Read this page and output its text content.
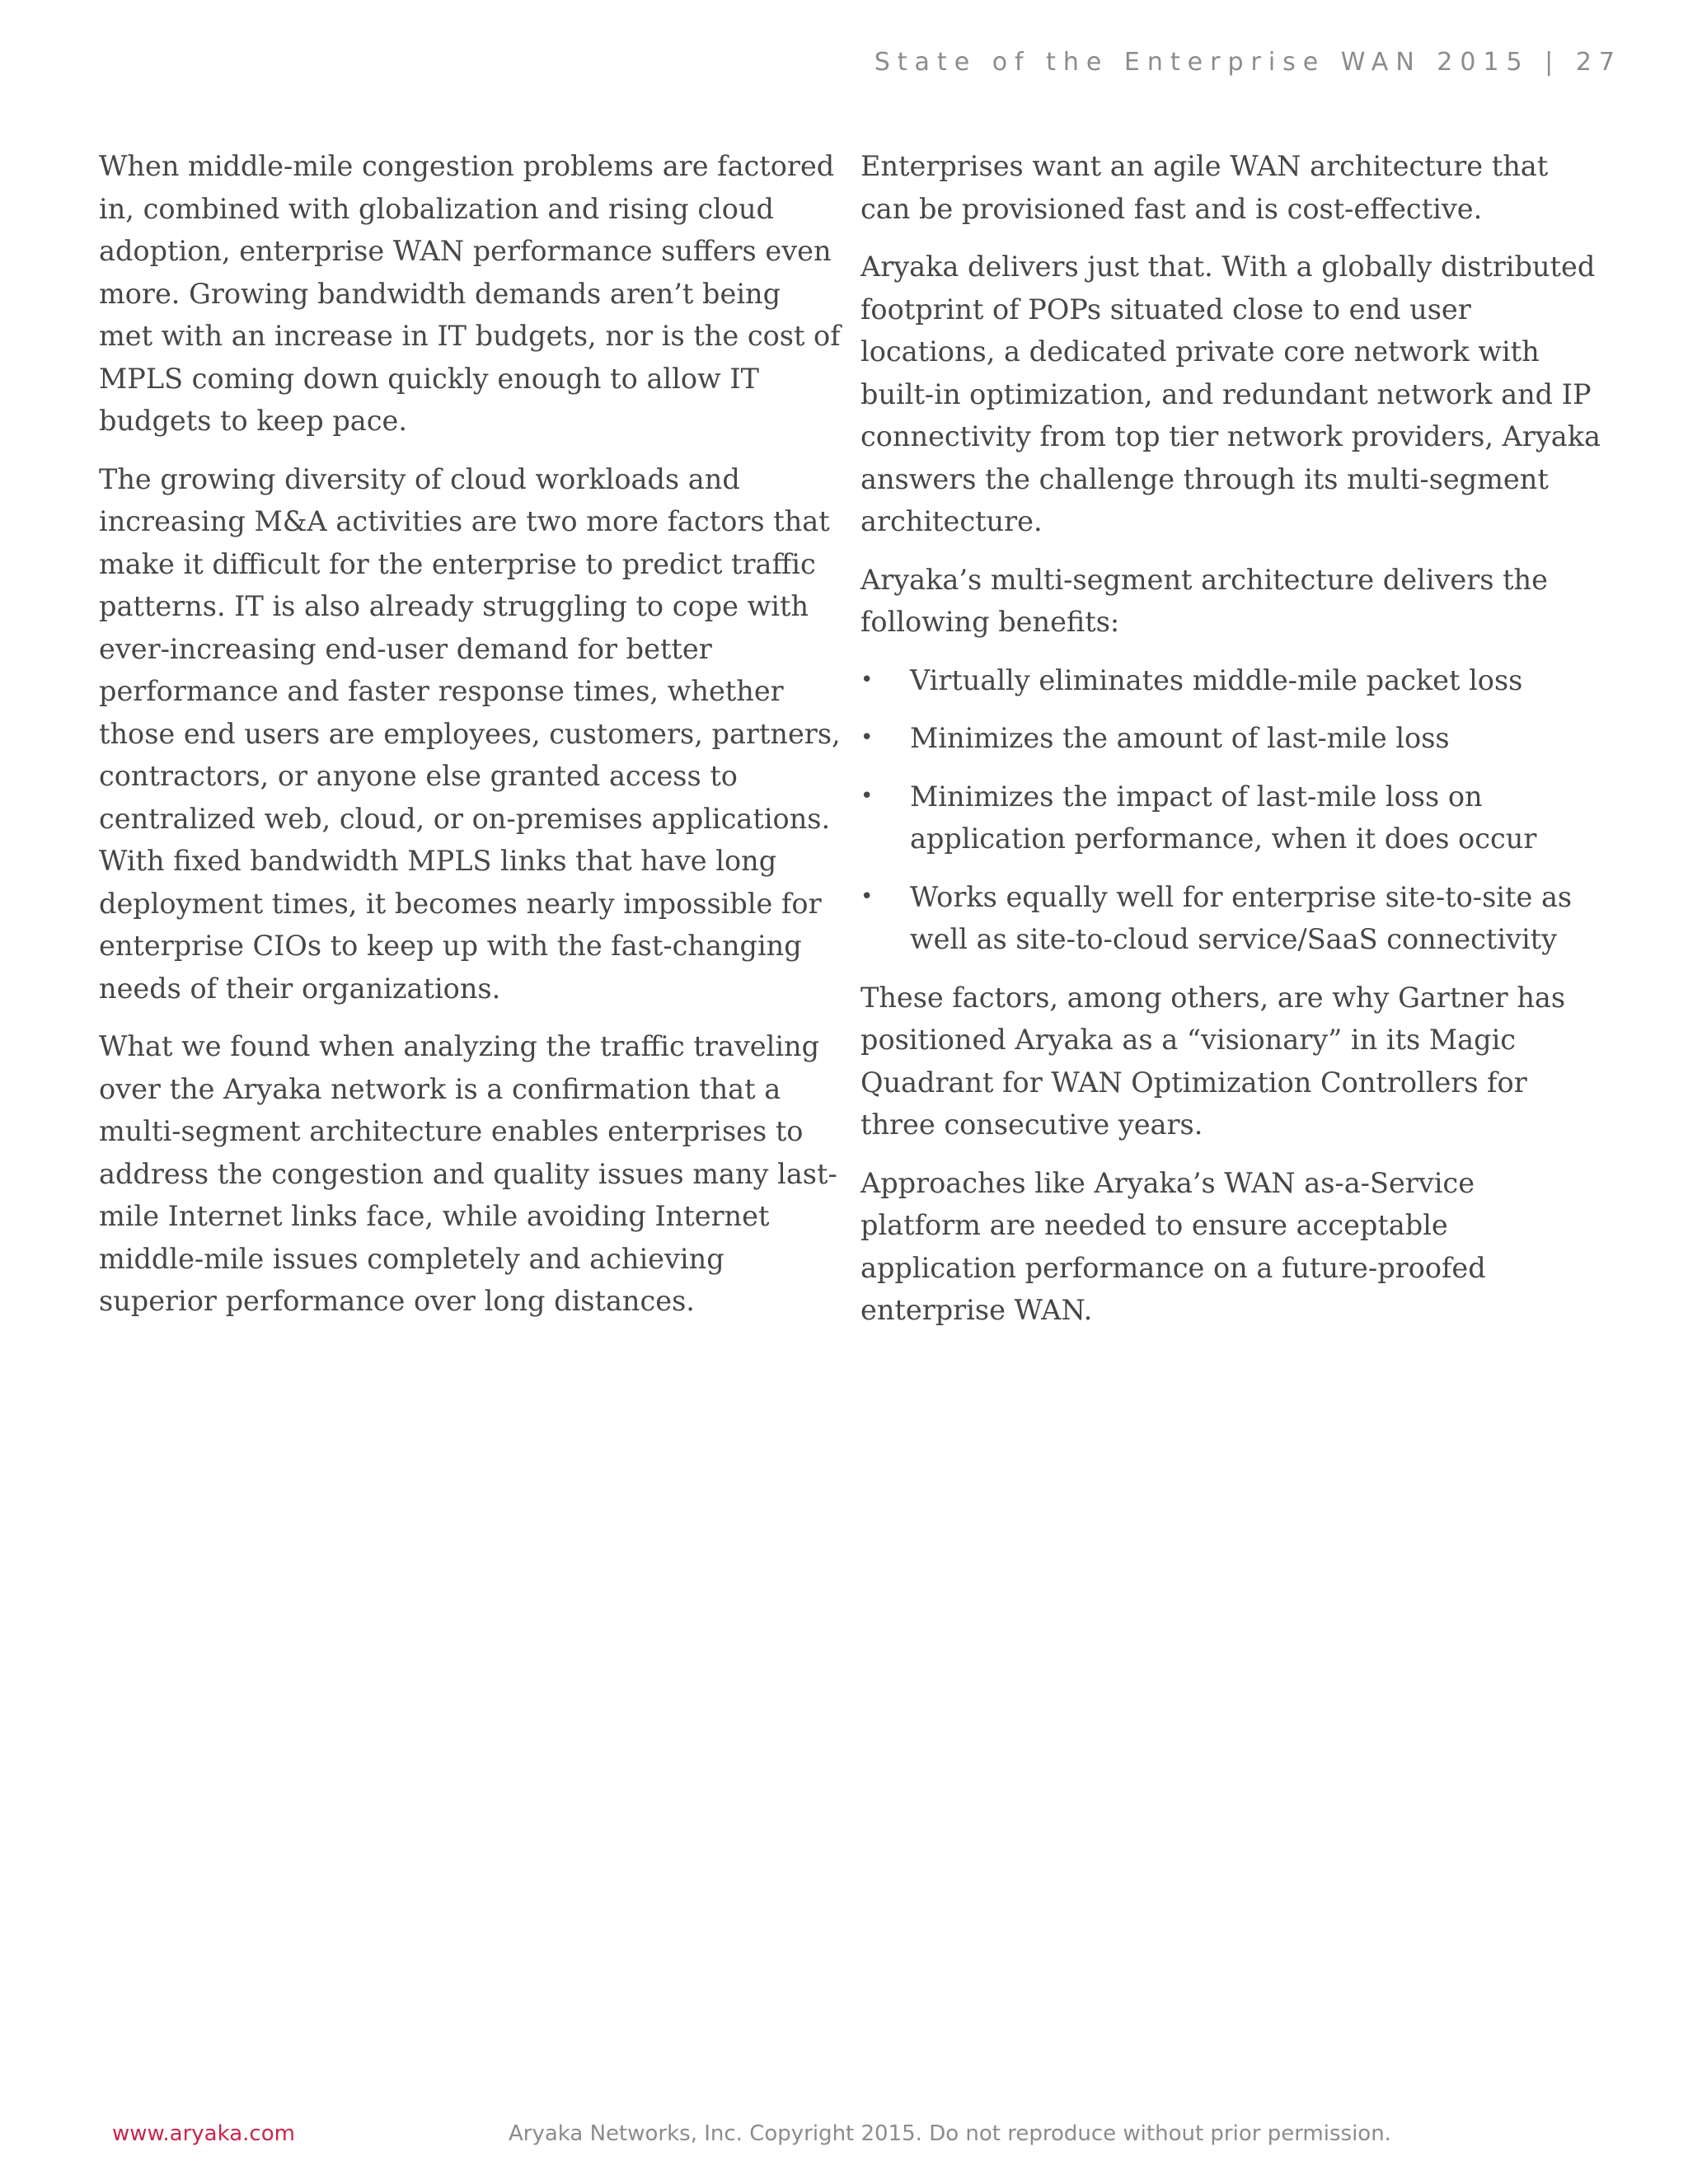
State of the Enterprise WAN 2015 | 27

When middle-mile congestion problems are factored in, combined with globalization and rising cloud adoption, enterprise WAN performance suffers even more. Growing bandwidth demands aren’t being met with an increase in IT budgets, nor is the cost of MPLS coming down quickly enough to allow IT budgets to keep pace.

The growing diversity of cloud workloads and increasing M&A activities are two more factors that make it difficult for the enterprise to predict traffic patterns. IT is also already struggling to cope with ever-increasing end-user demand for better performance and faster response times, whether those end users are employees, customers, partners, contractors, or anyone else granted access to centralized web, cloud, or on-premises applications. With fixed bandwidth MPLS links that have long deployment times, it becomes nearly impossible for enterprise CIOs to keep up with the fast-changing needs of their organizations.

What we found when analyzing the traffic traveling over the Aryaka network is a confirmation that a multi-segment architecture enables enterprises to address the congestion and quality issues many last-mile Internet links face, while avoiding Internet middle-mile issues completely and achieving superior performance over long distances.

Enterprises want an agile WAN architecture that can be provisioned fast and is cost-effective.

Aryaka delivers just that. With a globally distributed footprint of POPs situated close to end user locations, a dedicated private core network with built-in optimization, and redundant network and IP connectivity from top tier network providers, Aryaka answers the challenge through its multi-segment architecture.

Aryaka’s multi-segment architecture delivers the following benefits:

• Virtually eliminates middle-mile packet loss
• Minimizes the amount of last-mile loss
• Minimizes the impact of last-mile loss on application performance, when it does occur
• Works equally well for enterprise site-to-site as well as site-to-cloud service/SaaS connectivity

These factors, among others, are why Gartner has positioned Aryaka as a “visionary” in its Magic Quadrant for WAN Optimization Controllers for three consecutive years.

Approaches like Aryaka’s WAN as-a-Service platform are needed to ensure acceptable application performance on a future-proofed enterprise WAN.

www.aryaka.com	Aryaka Networks, Inc. Copyright 2015. Do not reproduce without prior permission.
